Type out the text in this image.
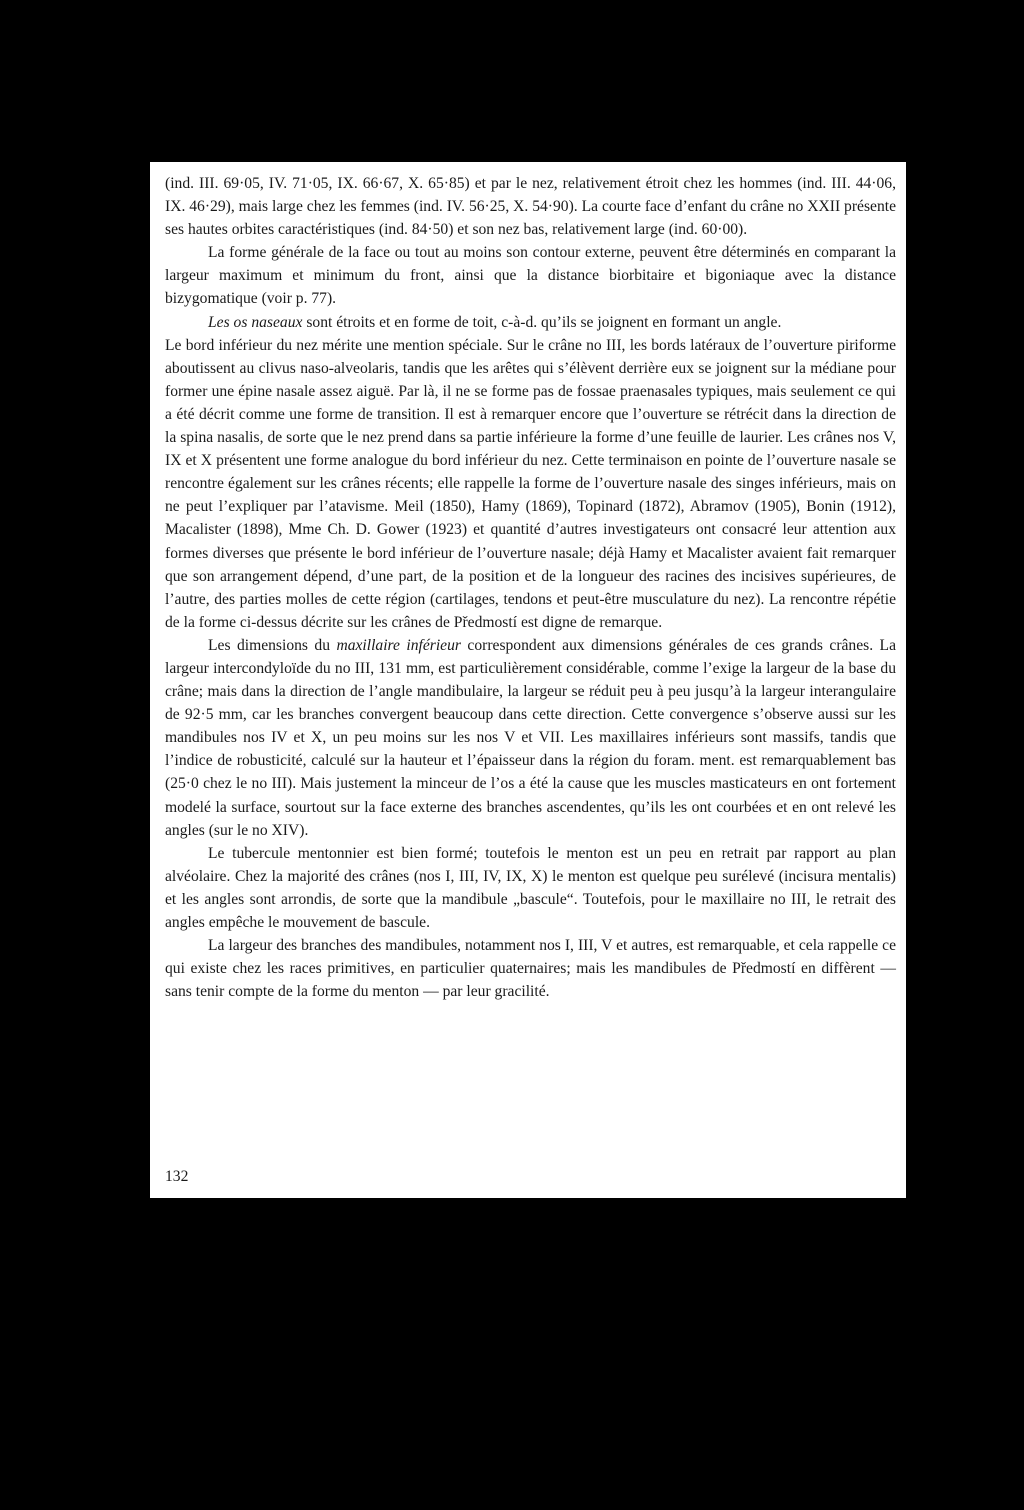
(ind. III. 69·05, IV. 71·05, IX. 66·67, X. 65·85) et par le nez, relativement étroit chez les hommes (ind. III. 44·06, IX. 46·29), mais large chez les femmes (ind. IV. 56·25, X. 54·90). La courte face d’enfant du crâne no XXII présente ses hautes orbites caractéristiques (ind. 84·50) et son nez bas, relativement large (ind. 60·00).

La forme générale de la face ou tout au moins son contour externe, peuvent être déterminés en comparant la largeur maximum et minimum du front, ainsi que la distance biorbitaire et bigoniaque avec la distance bizygomatique (voir p. 77).

Les os naseaux sont étroits et en forme de toit, c-à-d. qu’ils se joignent en formant un angle.

Le bord inférieur du nez mérite une mention spéciale. Sur le crâne no III, les bords latéraux de l’ouverture piriforme aboutissent au clivus naso-alveolaris, tandis que les arêtes qui s’élèvent derrière eux se joignent sur la médiane pour former une épine nasale assez aiguë. Par là, il ne se forme pas de fossae praenasales typiques, mais seulement ce qui a été décrit comme une forme de transition. Il est à remarquer encore que l’ouverture se rétrécit dans la direction de la spina nasalis, de sorte que le nez prend dans sa partie inférieure la forme d’une feuille de laurier. Les crânes nos V, IX et X présentent une forme analogue du bord inférieur du nez. Cette terminaison en pointe de l’ouverture nasale se rencontre également sur les crânes récents; elle rappelle la forme de l’ouverture nasale des singes inférieurs, mais on ne peut l’expliquer par l’atavisme. Meil (1850), Hamy (1869), Topinard (1872), Abramov (1905), Bonin (1912), Macalister (1898), Mme Ch. D. Gower (1923) et quantité d’autres investigateurs ont consacré leur attention aux formes diverses que présente le bord inférieur de l’ouverture nasale; déjà Hamy et Macalister avaient fait remarquer que son arrangement dépend, d’une part, de la position et de la longueur des racines des incisives supérieures, de l’autre, des parties molles de cette région (cartilages, tendons et peut-être musculature du nez). La rencontre répétie de la forme ci-dessus décrite sur les crânes de Předmostí est digne de remarque.

Les dimensions du maxillaire inférieur correspondent aux dimensions générales de ces grands crânes. La largeur intercondyloïde du no III, 131 mm, est particulièrement considérable, comme l’exige la largeur de la base du crâne; mais dans la direction de l’angle mandibulaire, la largeur se réduit peu à peu jusqu’à la largeur interangulaire de 92·5 mm, car les branches convergent beaucoup dans cette direction. Cette convergence s’observe aussi sur les mandibules nos IV et X, un peu moins sur les nos V et VII. Les maxillaires inférieurs sont massifs, tandis que l’indice de robusticité, calculé sur la hauteur et l’épaisseur dans la région du foram. ment. est remarquablement bas (25·0 chez le no III). Mais justement la minceur de l’os a été la cause que les muscles masticateurs en ont fortement modelé la surface, sourtout sur la face externe des branches ascendentes, qu’ils les ont courbées et en ont relevé les angles (sur le no XIV).

Le tubercule mentonnier est bien formé; toutefois le menton est un peu en retrait par rapport au plan alvéolaire. Chez la majorité des crânes (nos I, III, IV, IX, X) le menton est quelque peu surélevé (incisura mentalis) et les angles sont arrondis, de sorte que la mandibule „bascule“. Toutefois, pour le maxillaire no III, le retrait des angles empêche le mouvement de bascule.

La largeur des branches des mandibules, notamment nos I, III, V et autres, est remarquable, et cela rappelle ce qui existe chez les races primitives, en particulier quaternaires; mais les mandibules de Předmostí en diffèrent — sans tenir compte de la forme du menton — par leur gracilité.

-
132
